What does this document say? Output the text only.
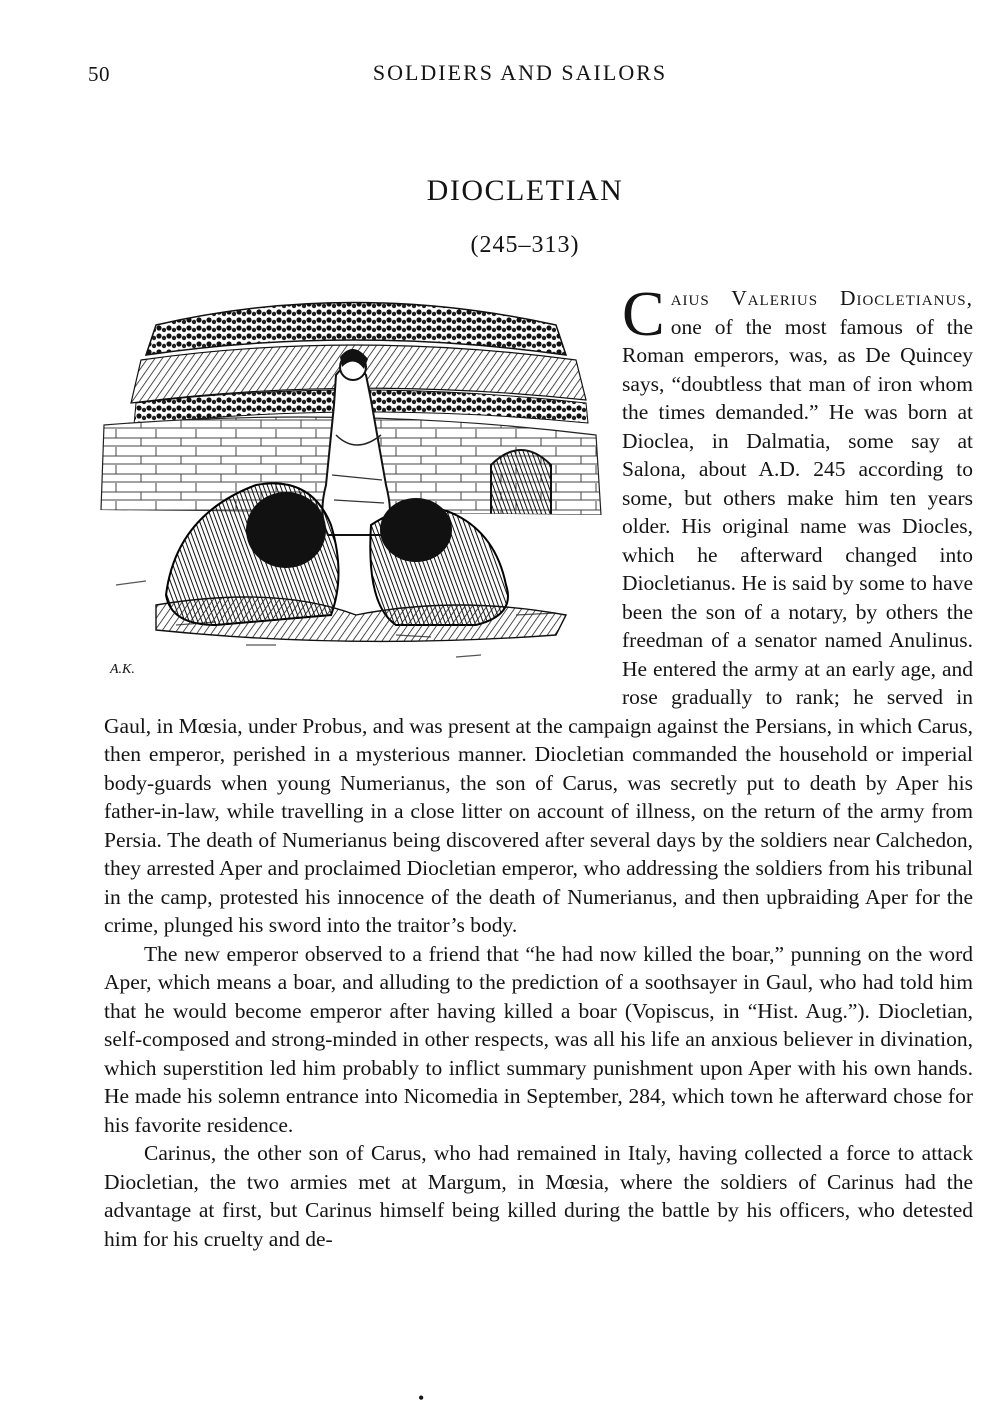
50	SOLDIERS AND SAILORS
DIOCLETIAN
(245–313)
A.K.

Caius Valerius Diocletianus, one of the most famous of the Roman emperors, was, as De Quincey says, “doubtless that man of iron whom the times demanded.” He was born at Dioclea, in Dalmatia, some say at Salona, about A.D. 245 according to some, but others make him ten years older. His original name was Diocles, which he afterward changed into Diocletianus. He is said by some to have been the son of a notary, by others the freedman of a senator named Anulinus. He entered the army at an early age, and rose gradually to rank; he served in Gaul, in Mœsia, under Probus, and was present at the campaign against the Persians, in which Carus, then emperor, perished in a mysterious manner. Diocletian commanded the household or imperial body-guards when young Numerianus, the son of Carus, was secretly put to death by Aper his father-in-law, while travelling in a close litter on account of illness, on the return of the army from Persia. The death of Numerianus being discovered after several days by the soldiers near Calchedon, they arrested Aper and proclaimed Diocletian emperor, who addressing the soldiers from his tribunal in the camp, protested his innocence of the death of Numerianus, and then upbraiding Aper for the crime, plunged his sword into the traitor’s body.

The new emperor observed to a friend that “he had now killed the boar,” punning on the word Aper, which means a boar, and alluding to the prediction of a soothsayer in Gaul, who had told him that he would become emperor after having killed a boar (Vopiscus, in “Hist. Aug.”). Diocletian, self-composed and strong-minded in other respects, was all his life an anxious believer in divination, which superstition led him probably to inflict summary punishment upon Aper with his own hands. He made his solemn entrance into Nicomedia in September, 284, which town he afterward chose for his favorite residence.

Carinus, the other son of Carus, who had remained in Italy, having collected a force to attack Diocletian, the two armies met at Margum, in Mœsia, where the soldiers of Carinus had the advantage at first, but Carinus himself being killed during the battle by his officers, who detested him for his cruelty and de-

•
